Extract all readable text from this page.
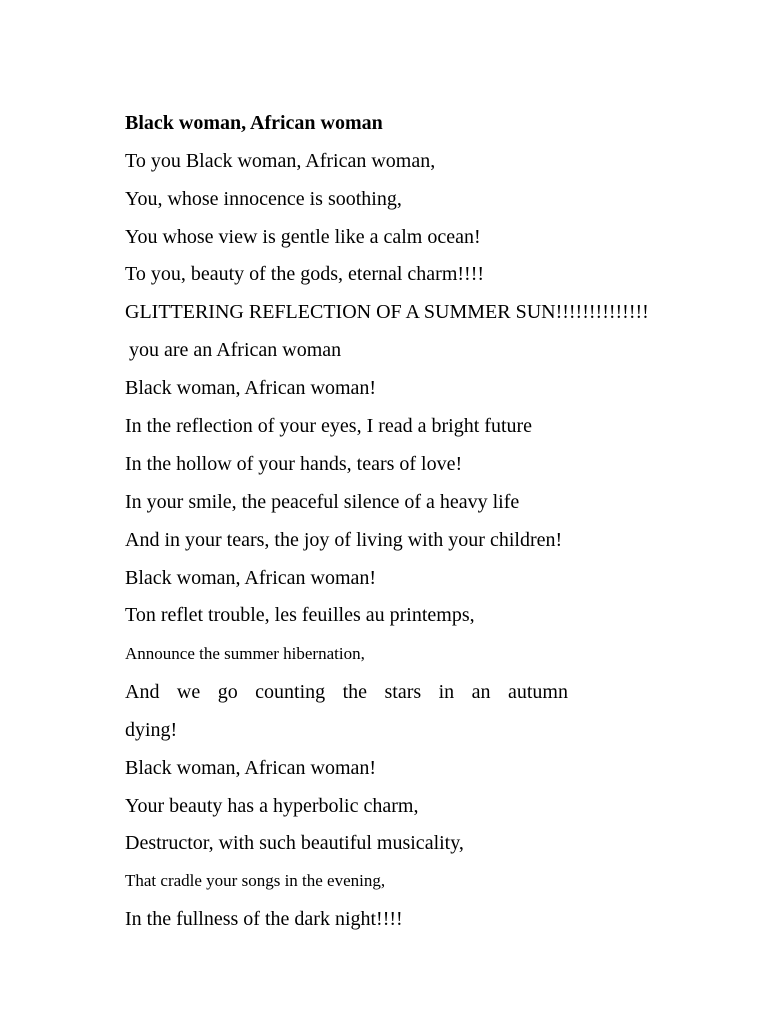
Black woman, African woman

To you Black woman, African woman,

You, whose innocence is soothing,

You whose view is gentle like a calm ocean!

To you, beauty of the gods, eternal charm!!!!

GLITTERING REFLECTION OF A SUMMER SUN!!!!!!!!!!!!!!

you are an African woman

Black woman, African woman!

In the reflection of your eyes, I read a bright future

In the hollow of your hands, tears of love!

In your smile, the peaceful silence of a heavy life

And in your tears, the joy of living with your children!

Black woman, African woman!

Ton reflet trouble, les feuilles au printemps,

Announce the summer hibernation,

And we go counting the stars in an autumn

dying!

Black woman, African woman!

Your beauty has a hyperbolic charm,

Destructor, with such beautiful musicality,

That cradle your songs in the evening,

In the fullness of the dark night!!!!
